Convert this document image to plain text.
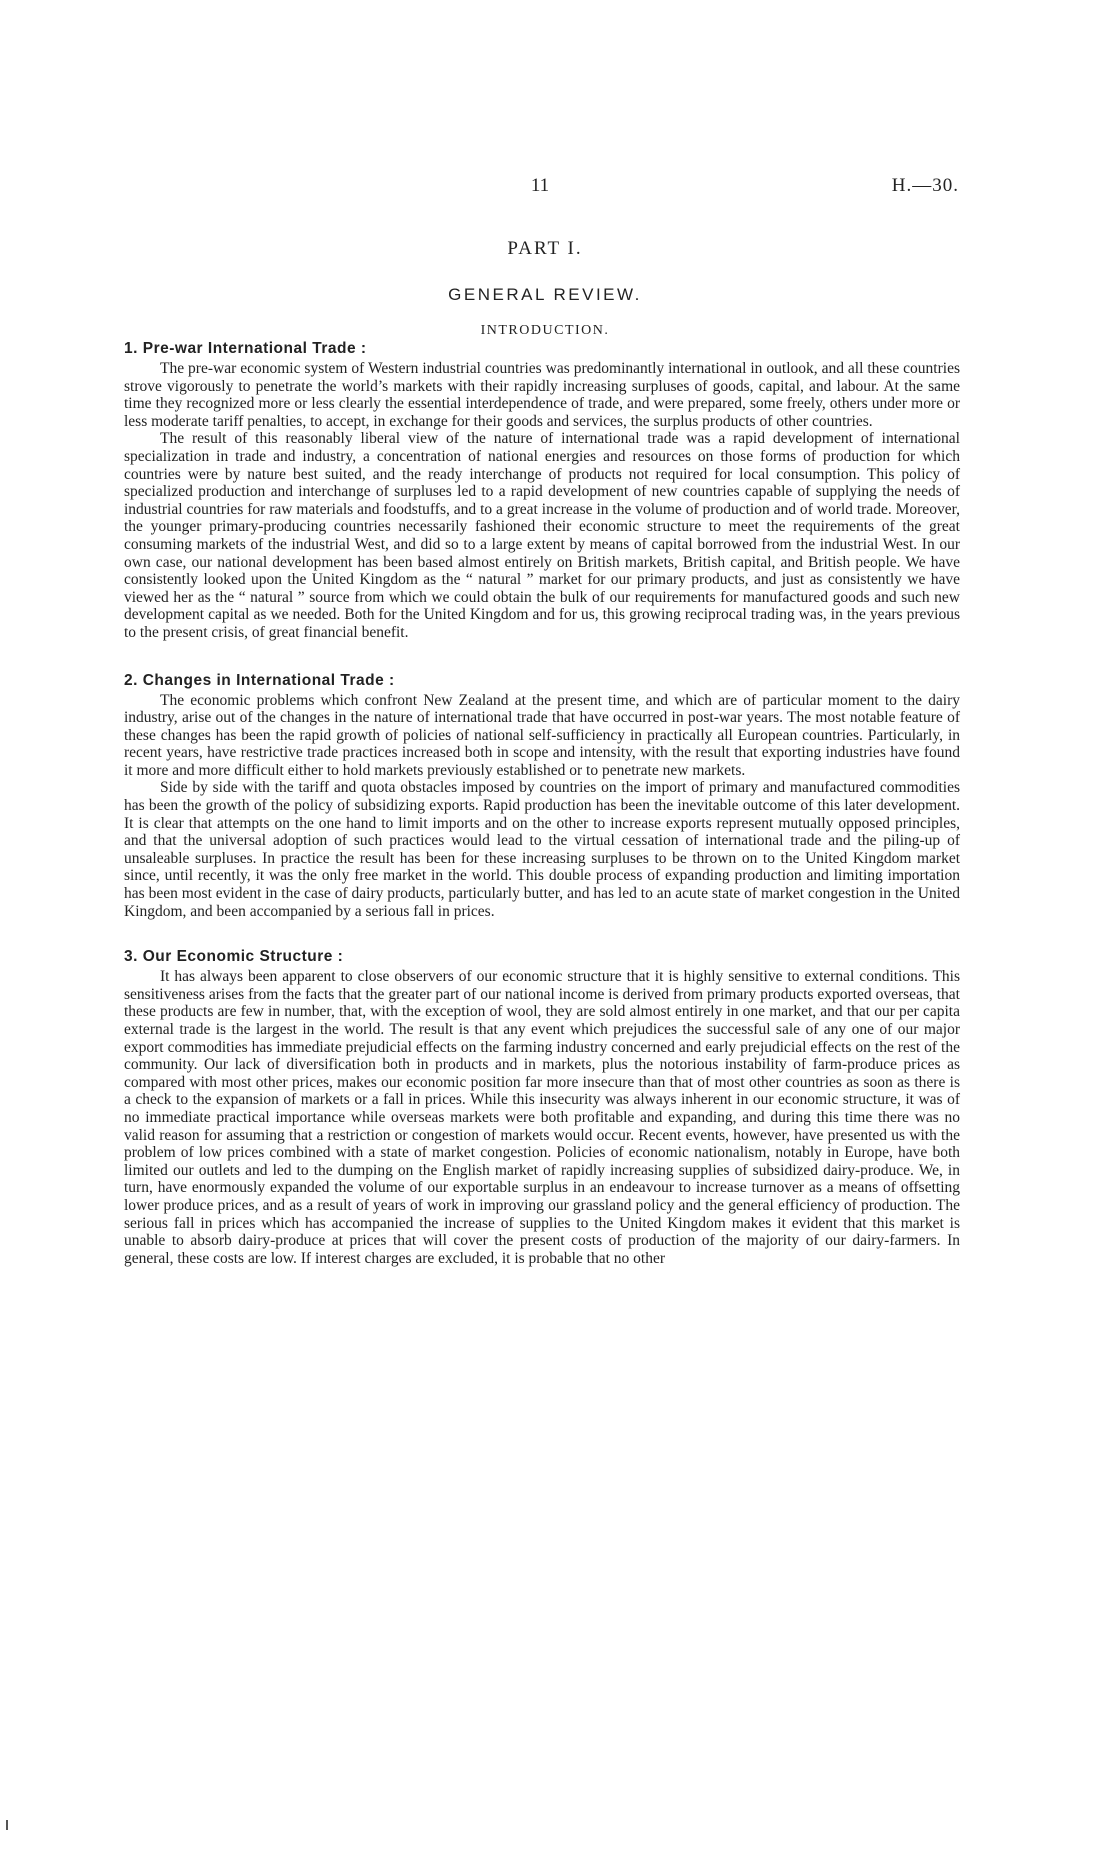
11	H.—30.
PART I.
GENERAL REVIEW.
INTRODUCTION.
1. Pre-war International Trade :

The pre-war economic system of Western industrial countries was predominantly international in outlook, and all these countries strove vigorously to penetrate the world’s markets with their rapidly increasing surpluses of goods, capital, and labour. At the same time they recognized more or less clearly the essential interdependence of trade, and were prepared, some freely, others under more or less moderate tariff penalties, to accept, in exchange for their goods and services, the surplus products of other countries.

The result of this reasonably liberal view of the nature of international trade was a rapid development of international specialization in trade and industry, a concentration of national energies and resources on those forms of production for which countries were by nature best suited, and the ready interchange of products not required for local consumption. This policy of specialized production and interchange of surpluses led to a rapid development of new countries capable of supplying the needs of industrial countries for raw materials and foodstuffs, and to a great increase in the volume of production and of world trade. Moreover, the younger primary-producing countries necessarily fashioned their economic structure to meet the requirements of the great consuming markets of the industrial West, and did so to a large extent by means of capital borrowed from the industrial West. In our own case, our national development has been based almost entirely on British markets, British capital, and British people. We have consistently looked upon the United Kingdom as the “ natural ” market for our primary products, and just as consistently we have viewed her as the “ natural ” source from which we could obtain the bulk of our requirements for manufactured goods and such new development capital as we needed. Both for the United Kingdom and for us, this growing reciprocal trading was, in the years previous to the present crisis, of great financial benefit.

2. Changes in International Trade :

The economic problems which confront New Zealand at the present time, and which are of particular moment to the dairy industry, arise out of the changes in the nature of international trade that have occurred in post-war years. The most notable feature of these changes has been the rapid growth of policies of national self-sufficiency in practically all European countries. Particularly, in recent years, have restrictive trade practices increased both in scope and intensity, with the result that exporting industries have found it more and more difficult either to hold markets previously established or to penetrate new markets.

Side by side with the tariff and quota obstacles imposed by countries on the import of primary and manufactured commodities has been the growth of the policy of subsidizing exports. Rapid production has been the inevitable outcome of this later development. It is clear that attempts on the one hand to limit imports and on the other to increase exports represent mutually opposed principles, and that the universal adoption of such practices would lead to the virtual cessation of international trade and the piling-up of unsaleable surpluses. In practice the result has been for these increasing surpluses to be thrown on to the United Kingdom market since, until recently, it was the only free market in the world. This double process of expanding production and limiting importation has been most evident in the case of dairy products, particularly butter, and has led to an acute state of market congestion in the United Kingdom, and been accompanied by a serious fall in prices.

3. Our Economic Structure :

It has always been apparent to close observers of our economic structure that it is highly sensitive to external conditions. This sensitiveness arises from the facts that the greater part of our national income is derived from primary products exported overseas, that these products are few in number, that, with the exception of wool, they are sold almost entirely in one market, and that our per capita external trade is the largest in the world. The result is that any event which prejudices the successful sale of any one of our major export commodities has immediate prejudicial effects on the farming industry concerned and early prejudicial effects on the rest of the community. Our lack of diversification both in products and in markets, plus the notorious instability of farm-produce prices as compared with most other prices, makes our economic position far more insecure than that of most other countries as soon as there is a check to the expansion of markets or a fall in prices. While this insecurity was always inherent in our economic structure, it was of no immediate practical importance while overseas markets were both profitable and expanding, and during this time there was no valid reason for assuming that a restriction or congestion of markets would occur. Recent events, however, have presented us with the problem of low prices combined with a state of market congestion. Policies of economic nationalism, notably in Europe, have both limited our outlets and led to the dumping on the English market of rapidly increasing supplies of subsidized dairy-produce. We, in turn, have enormously expanded the volume of our exportable surplus in an endeavour to increase turnover as a means of offsetting lower produce prices, and as a result of years of work in improving our grassland policy and the general efficiency of production. The serious fall in prices which has accompanied the increase of supplies to the United Kingdom makes it evident that this market is unable to absorb dairy-produce at prices that will cover the present costs of production of the majority of our dairy-farmers. In general, these costs are low. If interest charges are excluded, it is probable that no other
